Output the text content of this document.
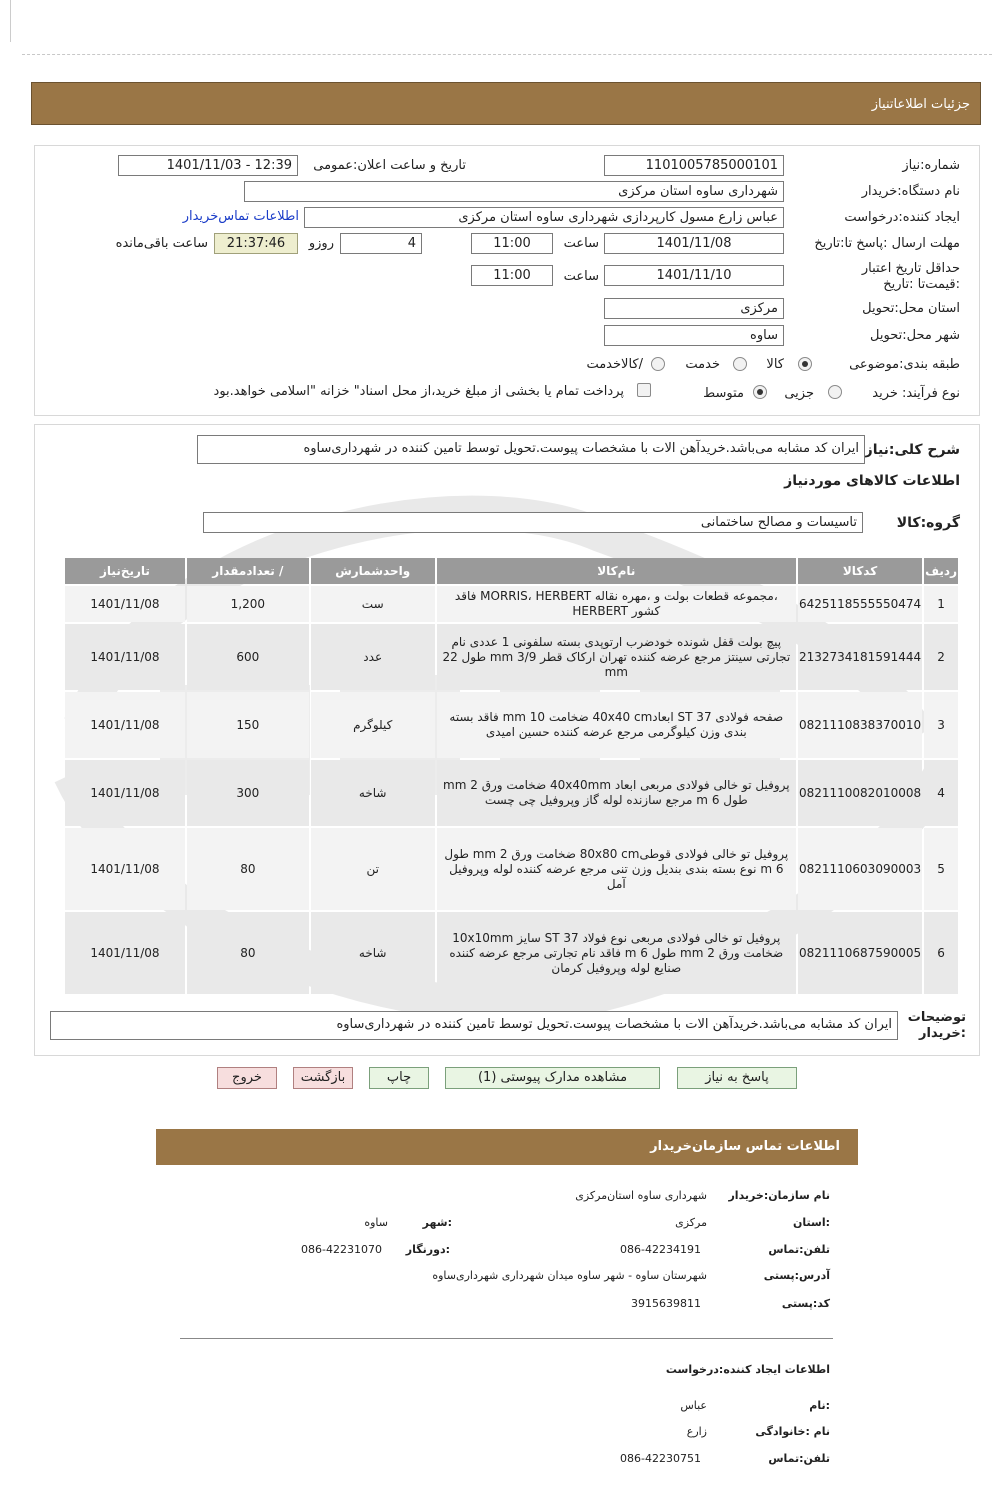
جزئیات اطلاعاتنیاز
شماره:نیاز
1101005785000101
تاریخ و ساعت اعلان:عمومی
1401/11/03 - 12:39
نام دستگاه:خریدار
شهرداری ساوه استان مرکزی
ایجاد کننده:درخواست
عباس زارع مسول کارپردازی شهرداری ساوه استان مرکزی
اطلاعات تماس‌خریدار
مهلت ارسال :پاسخ تا:تاریخ
1401/11/08
ساعت
11:00
4
روزو
21:37:46
ساعت باقی‌مانده
حداقل تاریخ اعتبار :قیمت‌تا :تاریخ
1401/11/10
ساعت
11:00
استان محل:تحویل
مرکزی
شهر محل:تحویل
ساوه
طبقه بندی:موضوعی
کالا
خدمت
/کالاخدمت
نوع فرآیند: خرید
جزیی
متوسط
پرداخت تمام یا بخشی از مبلغ خرید،از محل اسناد" خزانه "اسلامی خواهد.بود
شرح کلی:نیاز
ایران کد مشابه می‌باشد.خریدآهن الات با مشخصات پیوست.تحویل توسط تامین کننده در شهرداری‌ساوه
اطلاعات کالاهای موردنیاز
گروه:کالا
تاسیسات و مصالح ساختمانی
ردیف	کدکالا	نام‌کالا	واحدشمارش	/ تعدادمقدار	تاریخ‌نیاز
1	6425118555550474	،مجموعه قطعات بولت و ،مهره نقاله MORRIS، HERBERT فاقد کشور HERBERT	ست	1,200	1401/11/08
2	2132734181591444	پیچ بولت قفل شونده خودضرب ارتوپدی بسته سلفونی 1 عددی نام تجارتی سینتز مرجع عرضه کننده تهران ارکاک قطر 3/9 mm طول 22 mm	عدد	600	1401/11/08
3	0821110838370010	صفحه فولادی ST 37 ابعاد40x40 cm ضخامت 10 mm فاقد بسته بندی وزن کیلوگرمی مرجع عرضه کننده حسین امیدی	کیلوگرم	150	1401/11/08
4	0821110082010008	پروفیل تو خالی فولادی مربعی ابعاد 40x40mm ضخامت ورق 2 mm طول 6 m مرجع سازنده لوله گاز وپروفیل چی چست	شاخه	300	1401/11/08
5	0821110603090003	پروفیل تو خالی فولادی قوطی80x80 cm ضخامت ورق 2 mm طول 6 m نوع بسته بندی بندیل وزن تنی مرجع عرضه کننده لوله وپروفیل آمل	تن	80	1401/11/08
6	0821110687590005	پروفیل تو خالی فولادی مربعی نوع فولاد ST 37 سایز 10x10mm ضخامت ورق 2 mm طول 6 m فاقد نام تجارتی مرجع عرضه کننده صنایع لوله وپروفیل کرمان	شاخه	80	1401/11/08
توضیحات :خریدار
ایران کد مشابه می‌باشد.خریدآهن الات با مشخصات پیوست.تحویل توسط تامین کننده در شهرداری‌ساوه
پاسخ به نیاز
مشاهده مدارک پیوستی (1)
چاپ
بازگشت
خروج
اطلاعات تماس سازمان‌خریدار
نام سازمان:خریدار
شهرداری ساوه استان‌مرکزی
:استان
مرکزی
:شهر
ساوه
تلفن:تماس
086-42234191
:دورنگار
086-42231070
آدرس:پستی
شهرستان ساوه - شهر ساوه میدان شهرداری شهرداری‌ساوه
کد:پستی
3915639811
اطلاعات ایجاد کننده:درخواست
:نام
عباس
نام :خانوادگی
زارع
تلفن:تماس
086-42230751
